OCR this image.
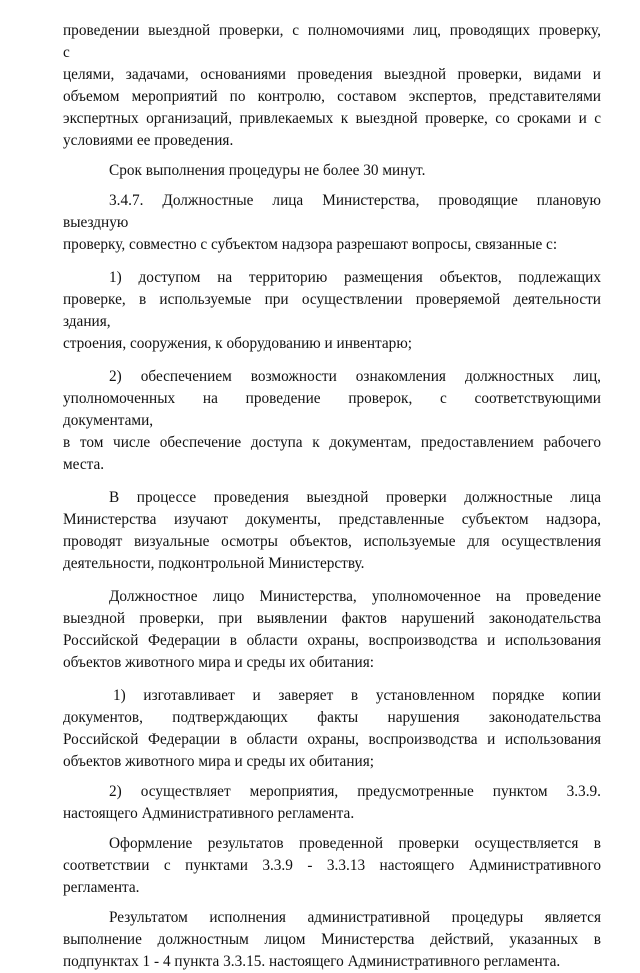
проведении выездной проверки, с полномочиями лиц, проводящих проверку,
с
целями, задачами, основаниями проведения выездной проверки, видами и
объемом мероприятий по контролю, составом экспертов, представителями
экспертных организаций, привлекаемых к выездной проверке, со сроками и с
условиями ее проведения.
Срок выполнения процедуры не более 30 минут.
3.4.7. Должностные лица Министерства, проводящие плановую
выездную
проверку, совместно с субъектом надзора разрешают вопросы, связанные с:
1) доступом на территорию размещения объектов, подлежащих
проверке, в используемые при осуществлении проверяемой деятельности
здания,
строения, сооружения, к оборудованию и инвентарю;
2) обеспечением возможности ознакомления должностных лиц,
уполномоченных на проведение проверок, с соответствующими
документами,
в том числе обеспечение доступа к документам, предоставлением рабочего
места.
В процессе проведения выездной проверки должностные лица
Министерства изучают документы, представленные субъектом надзора,
проводят визуальные осмотры объектов, используемые для осуществления
деятельности, подконтрольной Министерству.
Должностное лицо Министерства, уполномоченное на проведение
выездной проверки, при выявлении фактов нарушений законодательства
Российской Федерации в области охраны, воспроизводства и использования
объектов животного мира и среды их обитания:
1) изготавливает и заверяет в установленном порядке копии
документов, подтверждающих факты нарушения законодательства
Российской Федерации в области охраны, воспроизводства и использования
объектов животного мира и среды их обитания;
2) осуществляет мероприятия, предусмотренные пунктом 3.3.9.
настоящего Административного регламента.
Оформление результатов проведенной проверки осуществляется в
соответствии с пунктами 3.3.9 - 3.3.13 настоящего Административного
регламента.
Результатом исполнения административной процедуры является
выполнение должностным лицом Министерства действий, указанных в
подпунктах 1 - 4 пункта 3.3.15. настоящего Административного регламента.
